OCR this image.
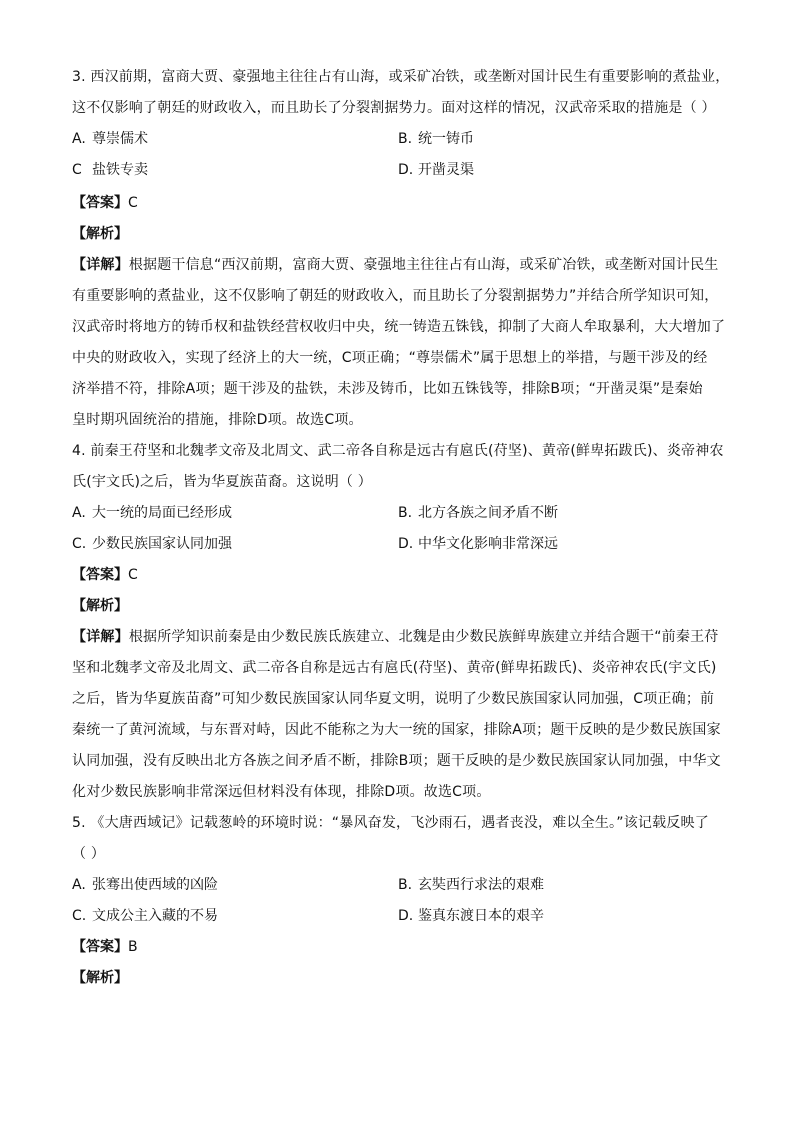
3. 西汉前期，富商大贾、豪强地主往往占有山海，或采矿冶铁，或垄断对国计民生有重要影响的煮盐业，
这不仅影响了朝廷的财政收入，而且助长了分裂割据势力。面对这样的情况，汉武帝采取的措施是（ ）
A. 尊崇儒术	B. 统一铸币
C 盐铁专卖	D. 开凿灵渠
【答案】C
【解析】
【详解】根据题干信息“西汉前期，富商大贾、豪强地主往往占有山海，或采矿冶铁，或垄断对国计民生
有重要影响的煮盐业，这不仅影响了朝廷的财政收入，而且助长了分裂割据势力”并结合所学知识可知，
汉武帝时将地方的铸币权和盐铁经营权收归中央，统一铸造五铢钱，抑制了大商人牟取暴利，大大增加了
中央的财政收入，实现了经济上的大一统，C项正确；“尊崇儒术”属于思想上的举措，与题干涉及的经
济举措不符，排除A项；题干涉及的盐铁，未涉及铸币，比如五铢钱等，排除B项；“开凿灵渠”是秦始
皇时期巩固统治的措施，排除D项。故选C项。
4. 前秦王苻坚和北魏孝文帝及北周文、武二帝各自称是远古有扈氏(苻坚)、黄帝(鲜卑拓跋氏)、炎帝神农
氏(宇文氏)之后，皆为华夏族苗裔。这说明（ ）
A. 大一统的局面已经形成	B. 北方各族之间矛盾不断
C. 少数民族国家认同加强	D. 中华文化影响非常深远
【答案】C
【解析】
【详解】根据所学知识前秦是由少数民族氐族建立、北魏是由少数民族鲜卑族建立并结合题干“前秦王苻
坚和北魏孝文帝及北周文、武二帝各自称是远古有扈氏(苻坚)、黄帝(鲜卑拓跋氏)、炎帝神农氏(宇文氏)
之后，皆为华夏族苗裔”可知少数民族国家认同华夏文明，说明了少数民族国家认同加强，C项正确；前
秦统一了黄河流域，与东晋对峙，因此不能称之为大一统的国家，排除A项；题干反映的是少数民族国家
认同加强，没有反映出北方各族之间矛盾不断，排除B项；题干反映的是少数民族国家认同加强，中华文
化对少数民族影响非常深远但材料没有体现，排除D项。故选C项。
5. 《大唐西域记》记载葱岭的环境时说：“暴风奋发，飞沙雨石，遇者丧没，难以全生。”该记载反映了
（ ）
A. 张骞出使西域的凶险	B. 玄奘西行求法的艰难
C. 文成公主入藏的不易	D. 鉴真东渡日本的艰辛
【答案】B
【解析】
